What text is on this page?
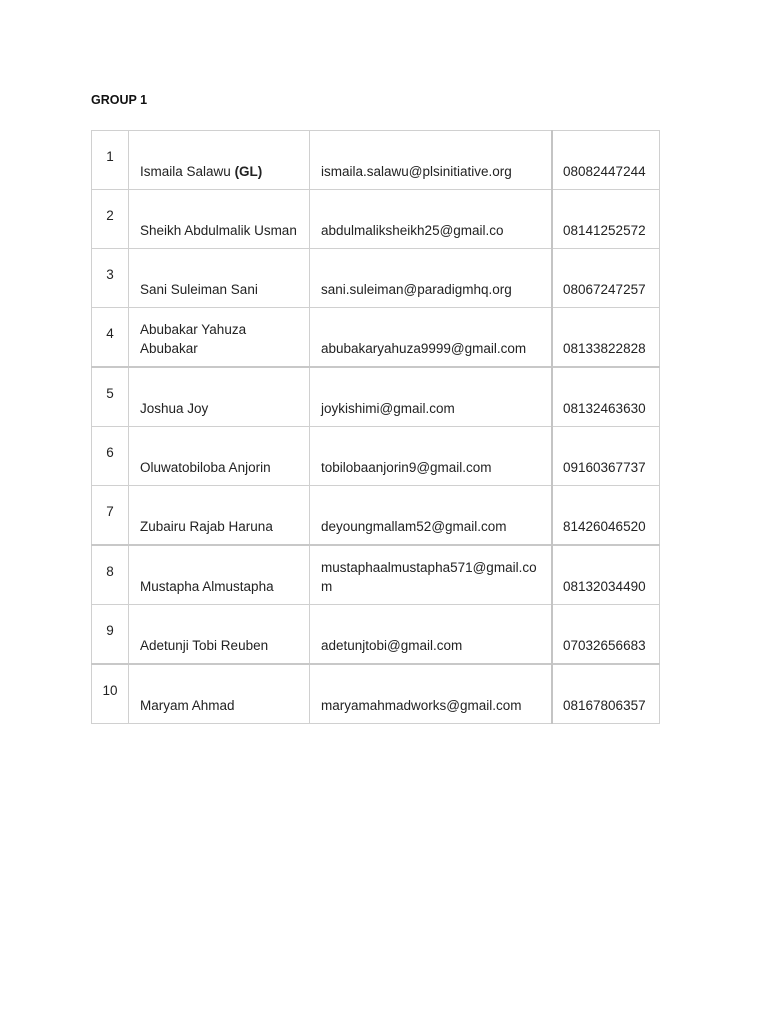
GROUP 1
1	Ismaila Salawu (GL)	ismaila.salawu@plsinitiative.org	08082447244

2	Sheikh Abdulmalik Usman	abdulmaliksheikh25@gmail.co	08141252572

3	Sani Suleiman Sani	sani.suleiman@paradigmhq.org	08067247257

4	Abubakar Yahuza Abubakar	abubakaryahuza9999@gmail.com	08133822828

5	Joshua Joy	joykishimi@gmail.com	08132463630

6	Oluwatobiloba Anjorin	tobilobaanjorin9@gmail.com	09160367737

7	Zubairu Rajab Haruna	deyoungmallam52@gmail.com	81426046520

8	Mustapha Almustapha	mustaphaalmustapha571@gmail.com	08132034490

9	Adetunji Tobi Reuben	adetunjtobi@gmail.com	07032656683

10	Maryam Ahmad	maryamahmadworks@gmail.com	08167806357
